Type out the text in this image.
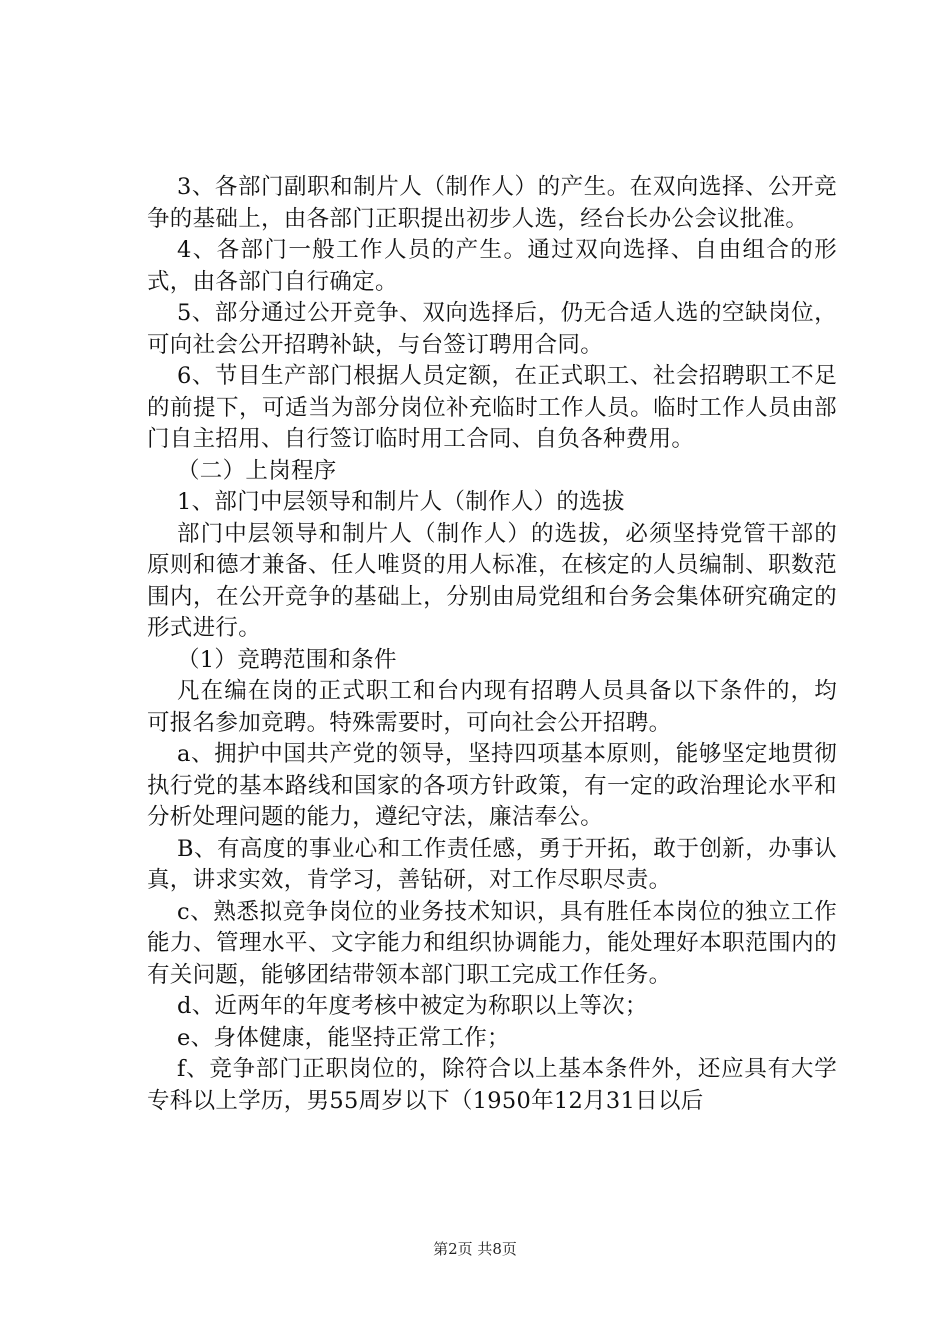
3、各部门副职和制片人（制作人）的产生。在双向选择、公开竞争的基础上，由各部门正职提出初步人选，经台长办公会议批准。

4、各部门一般工作人员的产生。通过双向选择、自由组合的形式，由各部门自行确定。

5、部分通过公开竞争、双向选择后，仍无合适人选的空缺岗位，可向社会公开招聘补缺，与台签订聘用合同。

6、节目生产部门根据人员定额，在正式职工、社会招聘职工不足的前提下，可适当为部分岗位补充临时工作人员。临时工作人员由部门自主招用、自行签订临时用工合同、自负各种费用。

（二）上岗程序

1、部门中层领导和制片人（制作人）的选拔

部门中层领导和制片人（制作人）的选拔，必须坚持党管干部的原则和德才兼备、任人唯贤的用人标准，在核定的人员编制、职数范围内，在公开竞争的基础上，分别由局党组和台务会集体研究确定的形式进行。

（1）竞聘范围和条件

凡在编在岗的正式职工和台内现有招聘人员具备以下条件的，均可报名参加竞聘。特殊需要时，可向社会公开招聘。

a、拥护中国共产党的领导，坚持四项基本原则，能够坚定地贯彻执行党的基本路线和国家的各项方针政策，有一定的政治理论水平和分析处理问题的能力，遵纪守法，廉洁奉公。

B、有高度的事业心和工作责任感，勇于开拓，敢于创新，办事认真，讲求实效，肯学习，善钻研，对工作尽职尽责。

c、熟悉拟竞争岗位的业务技术知识，具有胜任本岗位的独立工作能力、管理水平、文字能力和组织协调能力，能处理好本职范围内的有关问题，能够团结带领本部门职工完成工作任务。

d、近两年的年度考核中被定为称职以上等次；

e、身体健康，能坚持正常工作；

f、竞争部门正职岗位的，除符合以上基本条件外，还应具有大学专科以上学历，男55周岁以下（1950年12月31日以后

第2页 共8页
